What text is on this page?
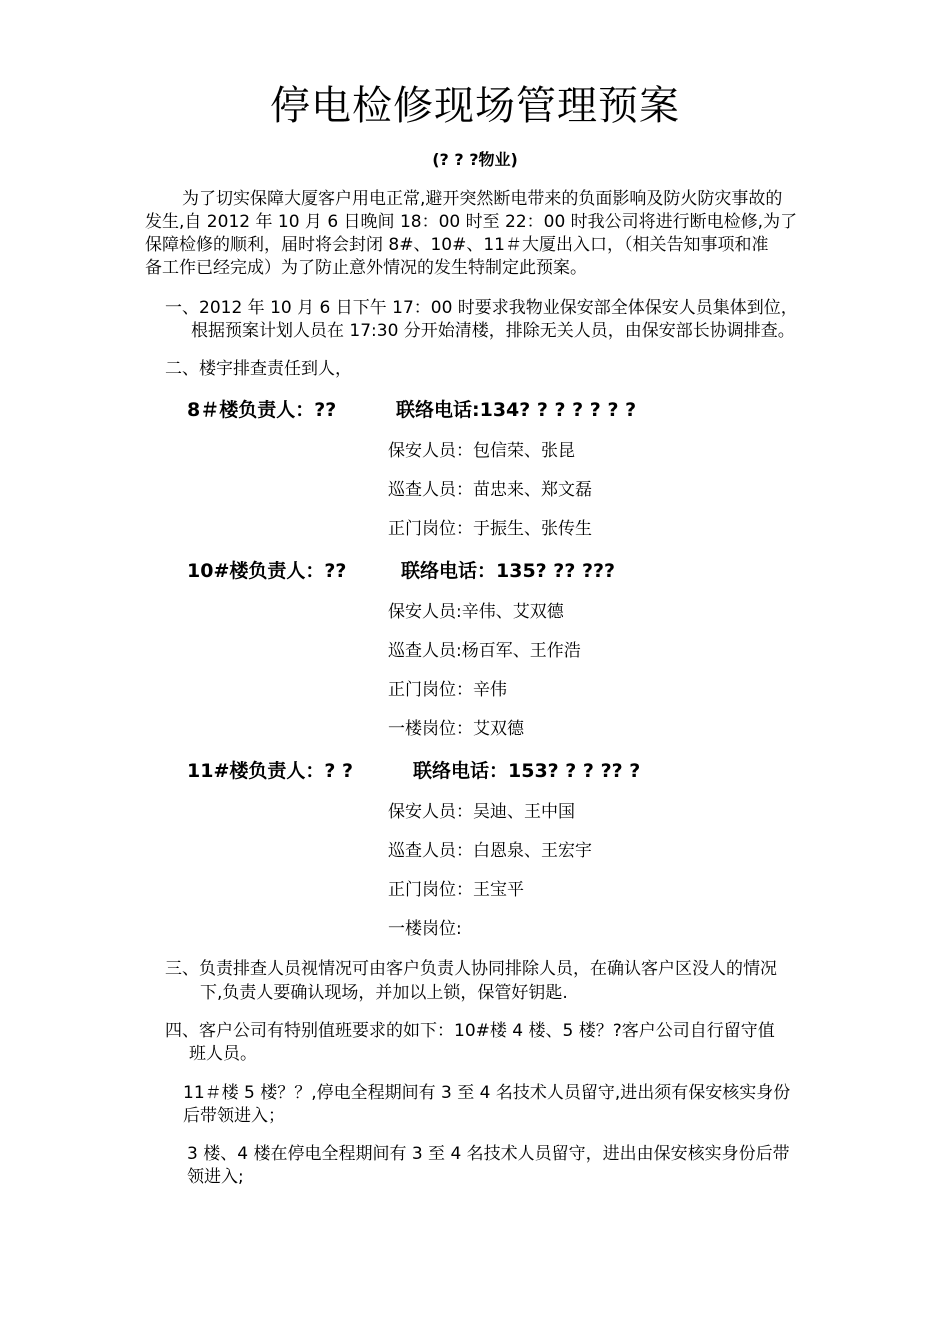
停电检修现场管理预案
(? ? ?物业)
为了切实保障大厦客户用电正常,避开突然断电带来的负面影响及防火防灾事故的
发生,自 2012 年 10 月 6 日晚间 18：00 时至 22：00 时我公司将进行断电检修,为了
保障检修的顺利，届时将会封闭 8#、10#、11＃大厦出入口，（相关告知事项和准
备工作已经完成）为了防止意外情况的发生特制定此预案。
一、2012 年 10 月 6 日下午 17：00 时要求我物业保安部全体保安人员集体到位，
根据预案计划人员在 17:30 分开始清楼，排除无关人员，由保安部长协调排查。
二、楼宇排查责任到人，
8＃楼负责人：??	联络电话:134? ? ? ? ? ? ?
保安人员：包信荣、张昆
巡查人员：苗忠来、郑文磊
正门岗位：于振生、张传生
10#楼负责人：??	联络电话：135? ?? ???
保安人员:辛伟、艾双德
巡查人员:杨百军、王作浩
正门岗位：辛伟
一楼岗位：艾双德
11#楼负责人：? ?	联络电话：153? ? ? ?? ?
保安人员：吴迪、王中国
巡查人员：白恩泉、王宏宇
正门岗位：王宝平
一楼岗位:
三、负责排查人员视情况可由客户负责人协同排除人员，在确认客户区没人的情况
下,负责人要确认现场，并加以上锁，保管好钥匙.
四、客户公司有特别值班要求的如下：10#楼 4 楼、5 楼？?客户公司自行留守值
班人员。
11＃楼 5 楼？？,停电全程期间有 3 至 4 名技术人员留守,进出须有保安核实身份
后带领进入；
3 楼、4 楼在停电全程期间有 3 至 4 名技术人员留守，进出由保安核实身份后带
领进入;
